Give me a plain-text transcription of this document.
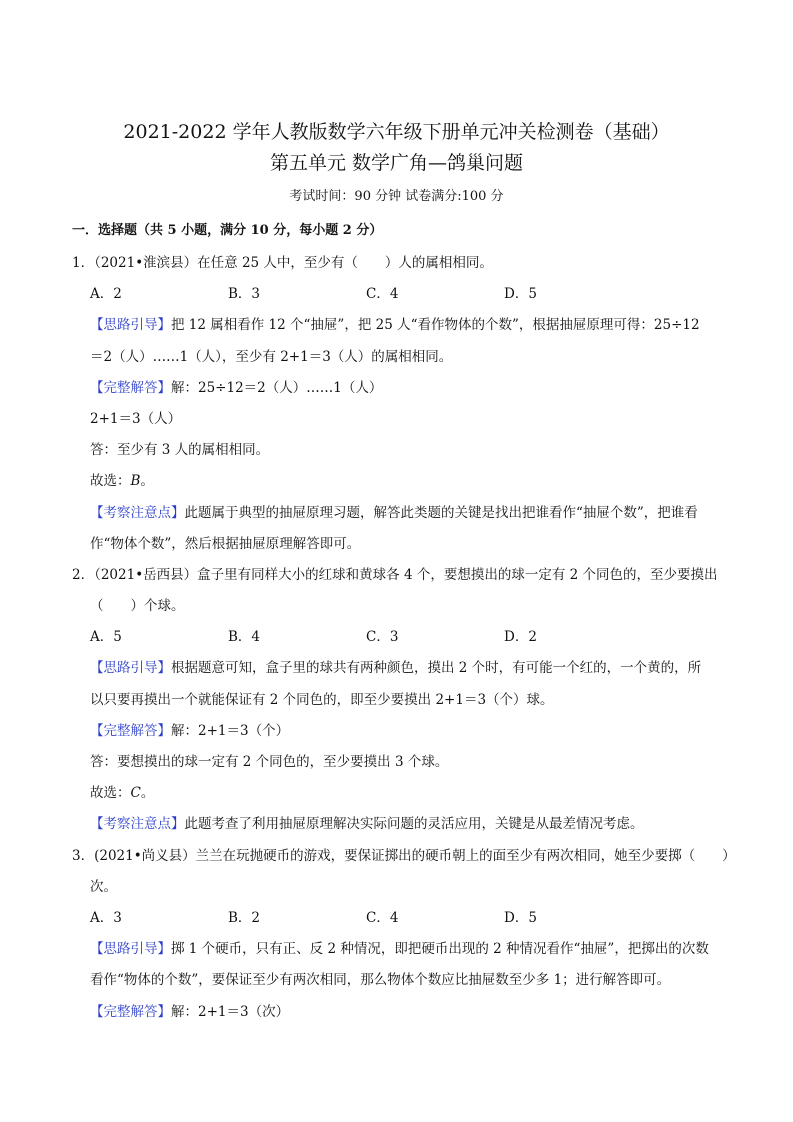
2021-2022 学年人教版数学六年级下册单元冲关检测卷（基础）
第五单元 数学广角—鸽巢问题
考试时间：90 分钟 试卷满分:100 分
一．选择题（共 5 小题，满分 10 分，每小题 2 分）
1．（2021•淮滨县）在任意 25 人中，至少有（　　）人的属相相同。
A．2	B．3	C．4	D．5
【思路引导】把 12 属相看作 12 个“抽屉”，把 25 人“看作物体的个数”，根据抽屉原理可得：25÷12
＝2（人）……1（人），至少有 2+1＝3（人）的属相相同。
【完整解答】解：25÷12＝2（人）……1（人）
2+1＝3（人）
答：至少有 3 人的属相相同。
故选：B。
【考察注意点】此题属于典型的抽屉原理习题，解答此类题的关键是找出把谁看作“抽屉个数”，把谁看
作“物体个数”，然后根据抽屉原理解答即可。
2．（2021•岳西县）盒子里有同样大小的红球和黄球各 4 个，要想摸出的球一定有 2 个同色的，至少要摸出
（　　）个球。
A．5	B．4	C．3	D．2
【思路引导】根据题意可知，盒子里的球共有两种颜色，摸出 2 个时，有可能一个红的，一个黄的，所
以只要再摸出一个就能保证有 2 个同色的，即至少要摸出 2+1＝3（个）球。
【完整解答】解：2+1＝3（个）
答：要想摸出的球一定有 2 个同色的，至少要摸出 3 个球。
故选：C。
【考察注意点】此题考查了利用抽屉原理解决实际问题的灵活应用，关键是从最差情况考虑。
3．(2021•尚义县）兰兰在玩抛硬币的游戏，要保证掷出的硬币朝上的面至少有两次相同，她至少要掷（　　）
次。
A．3	B．2	C．4	D．5
【思路引导】掷 1 个硬币，只有正、反 2 种情况，即把硬币出现的 2 种情况看作“抽屉”，把掷出的次数
看作“物体的个数”，要保证至少有两次相同，那么物体个数应比抽屉数至少多 1；进行解答即可。
【完整解答】解：2+1＝3（次）
